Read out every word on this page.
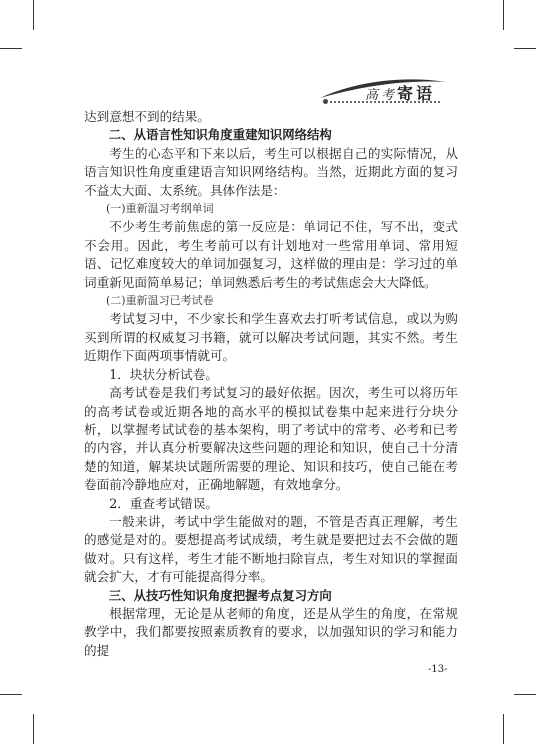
高考寄语

达到意想不到的结果。

二、从语言性知识角度重建知识网络结构

考生的心态平和下来以后，考生可以根据自己的实际情况，从语言知识性角度重建语言知识网络结构。当然，近期此方面的复习不益太大面、太系统。具体作法是：

(一)重新温习考纲单词

不少考生考前焦虑的第一反应是：单词记不住，写不出，变式不会用。因此，考生考前可以有计划地对一些常用单词、常用短语、记忆难度较大的单词加强复习，这样做的理由是：学习过的单词重新见面简单易记；单词熟悉后考生的考试焦虑会大大降低。

(二)重新温习已考试卷

考试复习中，不少家长和学生喜欢去打听考试信息，或以为购买到所谓的权威复习书籍，就可以解决考试问题，其实不然。考生近期作下面两项事情就可。

1．块状分析试卷。

高考试卷是我们考试复习的最好依据。因次，考生可以将历年的高考试卷或近期各地的高水平的模拟试卷集中起来进行分块分析，以掌握考试试卷的基本架构，明了考试中的常考、必考和已考的内容，并认真分析要解决这些问题的理论和知识，使自己十分清楚的知道，解某块试题所需要的理论、知识和技巧，使自己能在考卷面前冷静地应对，正确地解题，有效地拿分。

2．重查考试错误。

一般来讲，考试中学生能做对的题，不管是否真正理解，考生的感觉是对的。要想提高考试成绩，考生就是要把过去不会做的题做对。只有这样，考生才能不断地扫除盲点，考生对知识的掌握面就会扩大，才有可能提高得分率。

三、从技巧性知识角度把握考点复习方向

根据常理，无论是从老师的角度，还是从学生的角度，在常规教学中，我们都要按照素质教育的要求，以加强知识的学习和能力的提

-13-
